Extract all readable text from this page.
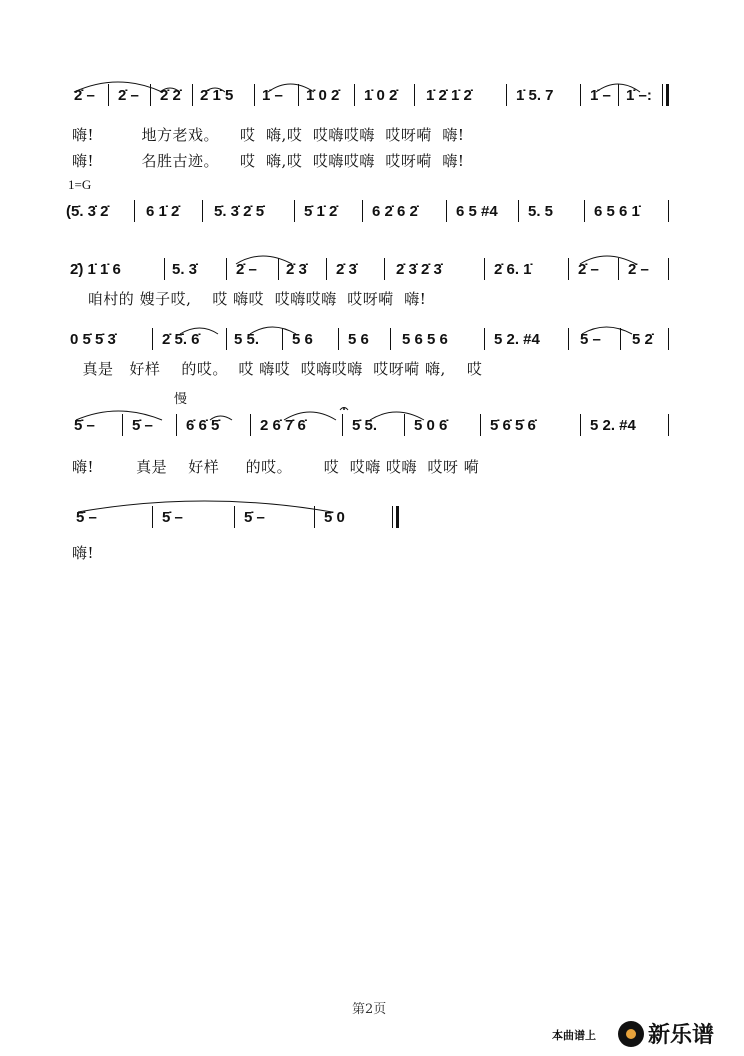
2̇ – 2̇ – 2̇ 2̇ 2̇ 1̇ 5 1̇ – 1̇ 0 2̇ 1̇ 0 2̇ 1̇ 2̇ 1̇ 2̇	1̇ 5. 7 1̇ – 1̇ –:
嗨!         地方老戏。    哎  嗨,哎  哎嗨哎嗨  哎呀嗬  嗨!
嗨!         名胜古迹。    哎  嗨,哎  哎嗨哎嗨  哎呀嗬  嗨!
1=G
(5̇. 3̇ 2̇ 6 1̇ 2̇ 5̇. 3̇ 2̇ 5̇	5̇ 1̇ 2̇ 6 2̇ 6 2̇	6 5 #4 5. 5	6 5 6 1̇
2̇) 1̇ 1̇ 6	5. 3̇	2̇ – 2̇ 3̇ 2̇ 3̇	2̇ 3̇ 2̇ 3̇	2̇ 6. 1̇	2̇ – 2̇ –
咱村的 嫂子哎,    哎 嗨哎  哎嗨哎嗨  哎呀嗬  嗨!
0 5̇ 5̇ 3̇	2̇ 5̇. 6̇ 5 5. 5 6 5 6 5 6 5 6	5 2. #4	5 – 5 2̇
真是   好样    的哎。  哎 嗨哎  哎嗨哎嗨  哎呀嗬 嗨,    哎
慢
5̇ – 5̇ – 6̇ 6̇ 5̇	2 6̇ 7̇ 6̇	5̇ 5. 5 0 6̇	5̇ 6̇ 5̇ 6̇	5 2. #4
嗨!        真是    好样     的哎。      哎  哎嗨 哎嗨  哎呀 嗬
5̇ –	5̇ –	5̇ –	5̇ 0
嗨!
第2页
本曲谱上 新乐谱
